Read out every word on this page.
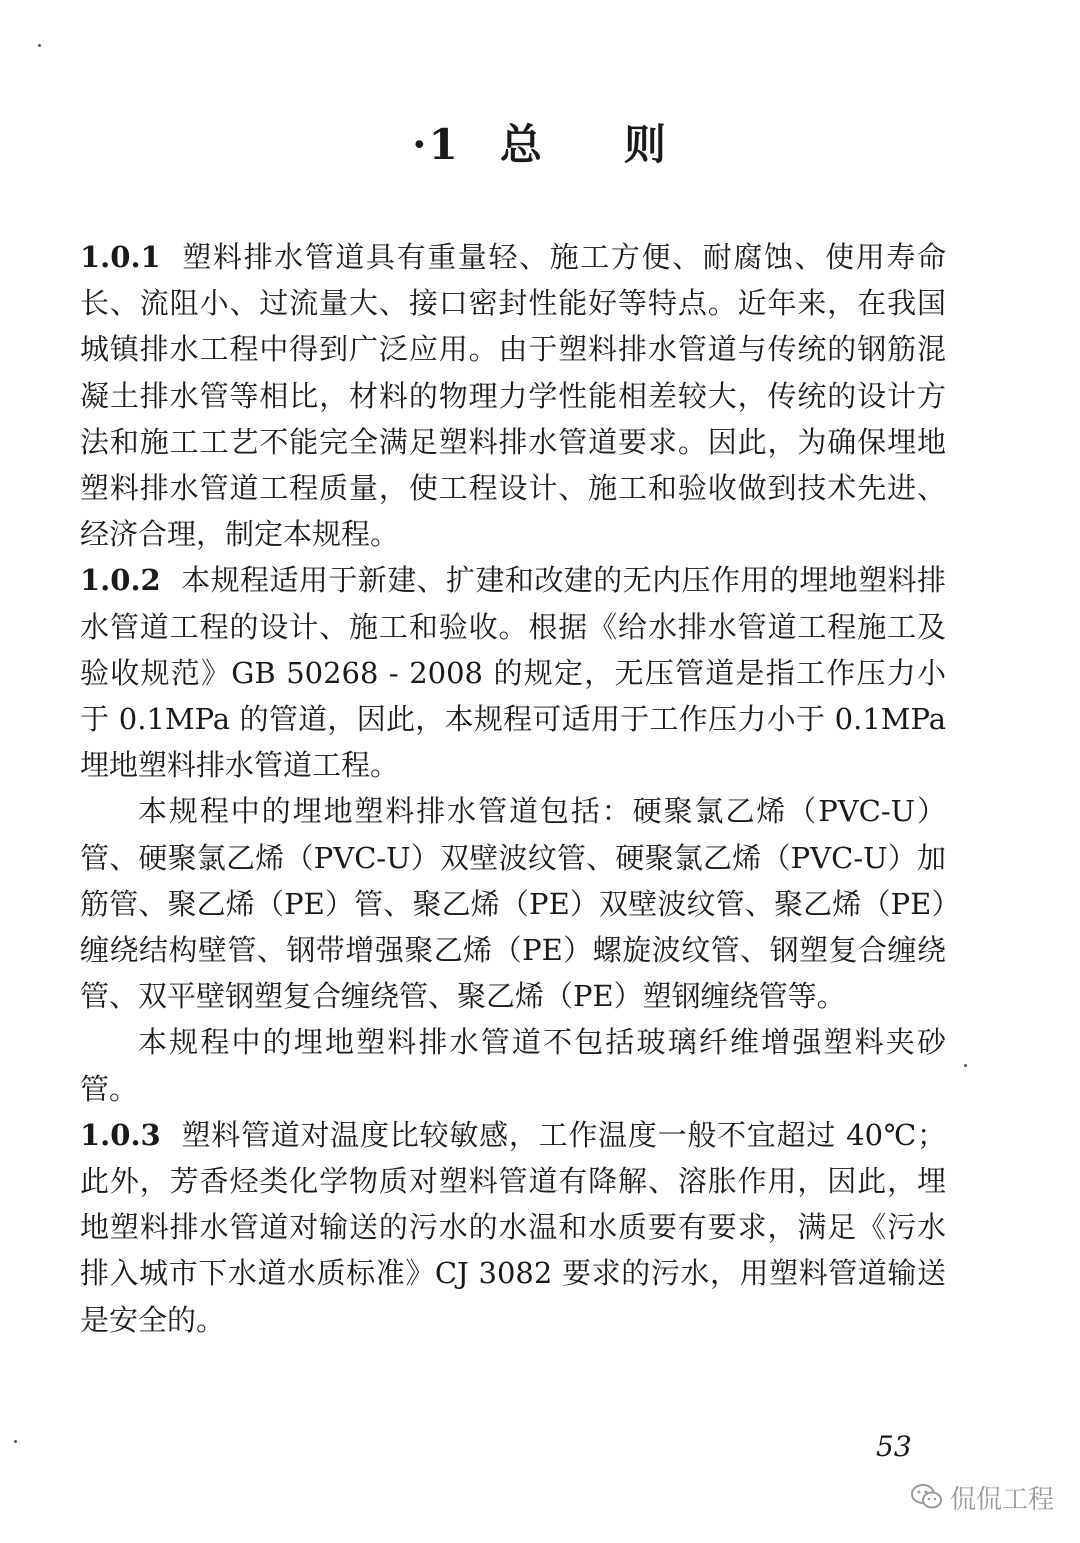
·1 总 则

1.0.1 塑料排水管道具有重量轻、施工方便、耐腐蚀、使用寿命长、流阻小、过流量大、接口密封性能好等特点。近年来，在我国城镇排水工程中得到广泛应用。由于塑料排水管道与传统的钢筋混凝土排水管等相比，材料的物理力学性能相差较大，传统的设计方法和施工工艺不能完全满足塑料排水管道要求。因此，为确保埋地塑料排水管道工程质量，使工程设计、施工和验收做到技术先进、经济合理，制定本规程。

1.0.2 本规程适用于新建、扩建和改建的无内压作用的埋地塑料排水管道工程的设计、施工和验收。根据《给水排水管道工程施工及验收规范》GB 50268 - 2008 的规定，无压管道是指工作压力小于 0.1MPa 的管道，因此，本规程可适用于工作压力小于 0.1MPa 埋地塑料排水管道工程。

本规程中的埋地塑料排水管道包括：硬聚氯乙烯（PVC-U）管、硬聚氯乙烯（PVC-U）双壁波纹管、硬聚氯乙烯（PVC-U）加筋管、聚乙烯（PE）管、聚乙烯（PE）双壁波纹管、聚乙烯（PE）缠绕结构壁管、钢带增强聚乙烯（PE）螺旋波纹管、钢塑复合缠绕管、双平壁钢塑复合缠绕管、聚乙烯（PE）塑钢缠绕管等。

本规程中的埋地塑料排水管道不包括玻璃纤维增强塑料夹砂管。

1.0.3 塑料管道对温度比较敏感，工作温度一般不宜超过 40℃；此外，芳香烃类化学物质对塑料管道有降解、溶胀作用，因此，埋地塑料排水管道对输送的污水的水温和水质要有要求，满足《污水排入城市下水道水质标准》CJ 3082 要求的污水，用塑料管道输送是安全的。

53
侃侃工程
